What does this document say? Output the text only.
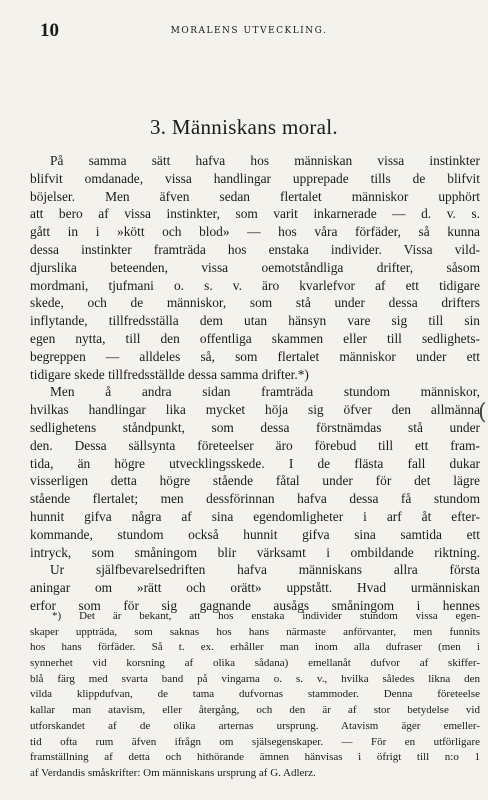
10	MORALENS UTVECKLING.
3. Människans moral.
På samma sätt hafva hos människan vissa instinkter
blifvit omdanade, vissa handlingar upprepade tills de blifvit
böjelser. Men äfven sedan flertalet människor upphört
att bero af vissa instinkter, som varit inkarnerade — d. v. s.
gått in i »kött och blod» — hos våra förfäder, så kunna
dessa instinkter framträda hos enstaka individer. Vissa vild-
djurslika beteenden, vissa oemotståndliga drifter, såsom
mordmani, tjufmani o. s. v. äro kvarlefvor af ett tidigare
skede, och de människor, som stå under dessa drifters
inflytande, tillfredsställa dem utan hänsyn vare sig till sin
egen nytta, till den offentliga skammen eller till sedlighets-
begreppen — alldeles så, som flertalet människor under ett
tidigare skede tillfredsställde dessa samma drifter.*)
Men å andra sidan framträda stundom människor,
hvilkas handlingar lika mycket höja sig öfver den allmänna
sedlighetens ståndpunkt, som dessa förstnämdas stå under
den. Dessa sällsynta företeelser äro förebud till ett fram-
tida, än högre utvecklingsskede. I de flästa fall dukar
visserligen detta högre stående fåtal under för det lägre
stående flertalet; men dessförinnan hafva dessa få stundom
hunnit gifva några af sina egendomligheter i arf åt efter-
kommande, stundom också hunnit gifva sina samtida ett
intryck, som småningom blir värksamt i ombildande riktning.
Ur själfbevarelsedriften hafva människans allra första
aningar om »rätt och orätt» uppstått. Hvad urmänniskan
erfor som för sig gagnande ausågs småningom i hennes
(
*) Det är bekant, att hos enstaka individer stundom vissa egen-
skaper uppträda, som saknas hos hans närmaste anförvanter, men funnits
hos hans förfäder. Så t. ex. erhåller man inom alla dufraser (men i
synnerhet vid korsning af olika sådana) emellanåt dufvor af skiffer-
blå färg med svarta band på vingarna o. s. v., hvilka således likna den
vilda klippdufvan, de tama dufvornas stammoder. Denna företeelse
kallar man atavism, eller återgång, och den är af stor betydelse vid
utforskandet af de olika arternas ursprung. Atavism äger emeller-
tid ofta rum äfven ifrågn om själsegenskaper. — För en utförligare
framställning af detta och hithörande ämnen hänvisas i öfrigt till n:o 1
af Verdandis småskrifter: Om människans ursprung af G. Adlerz.
